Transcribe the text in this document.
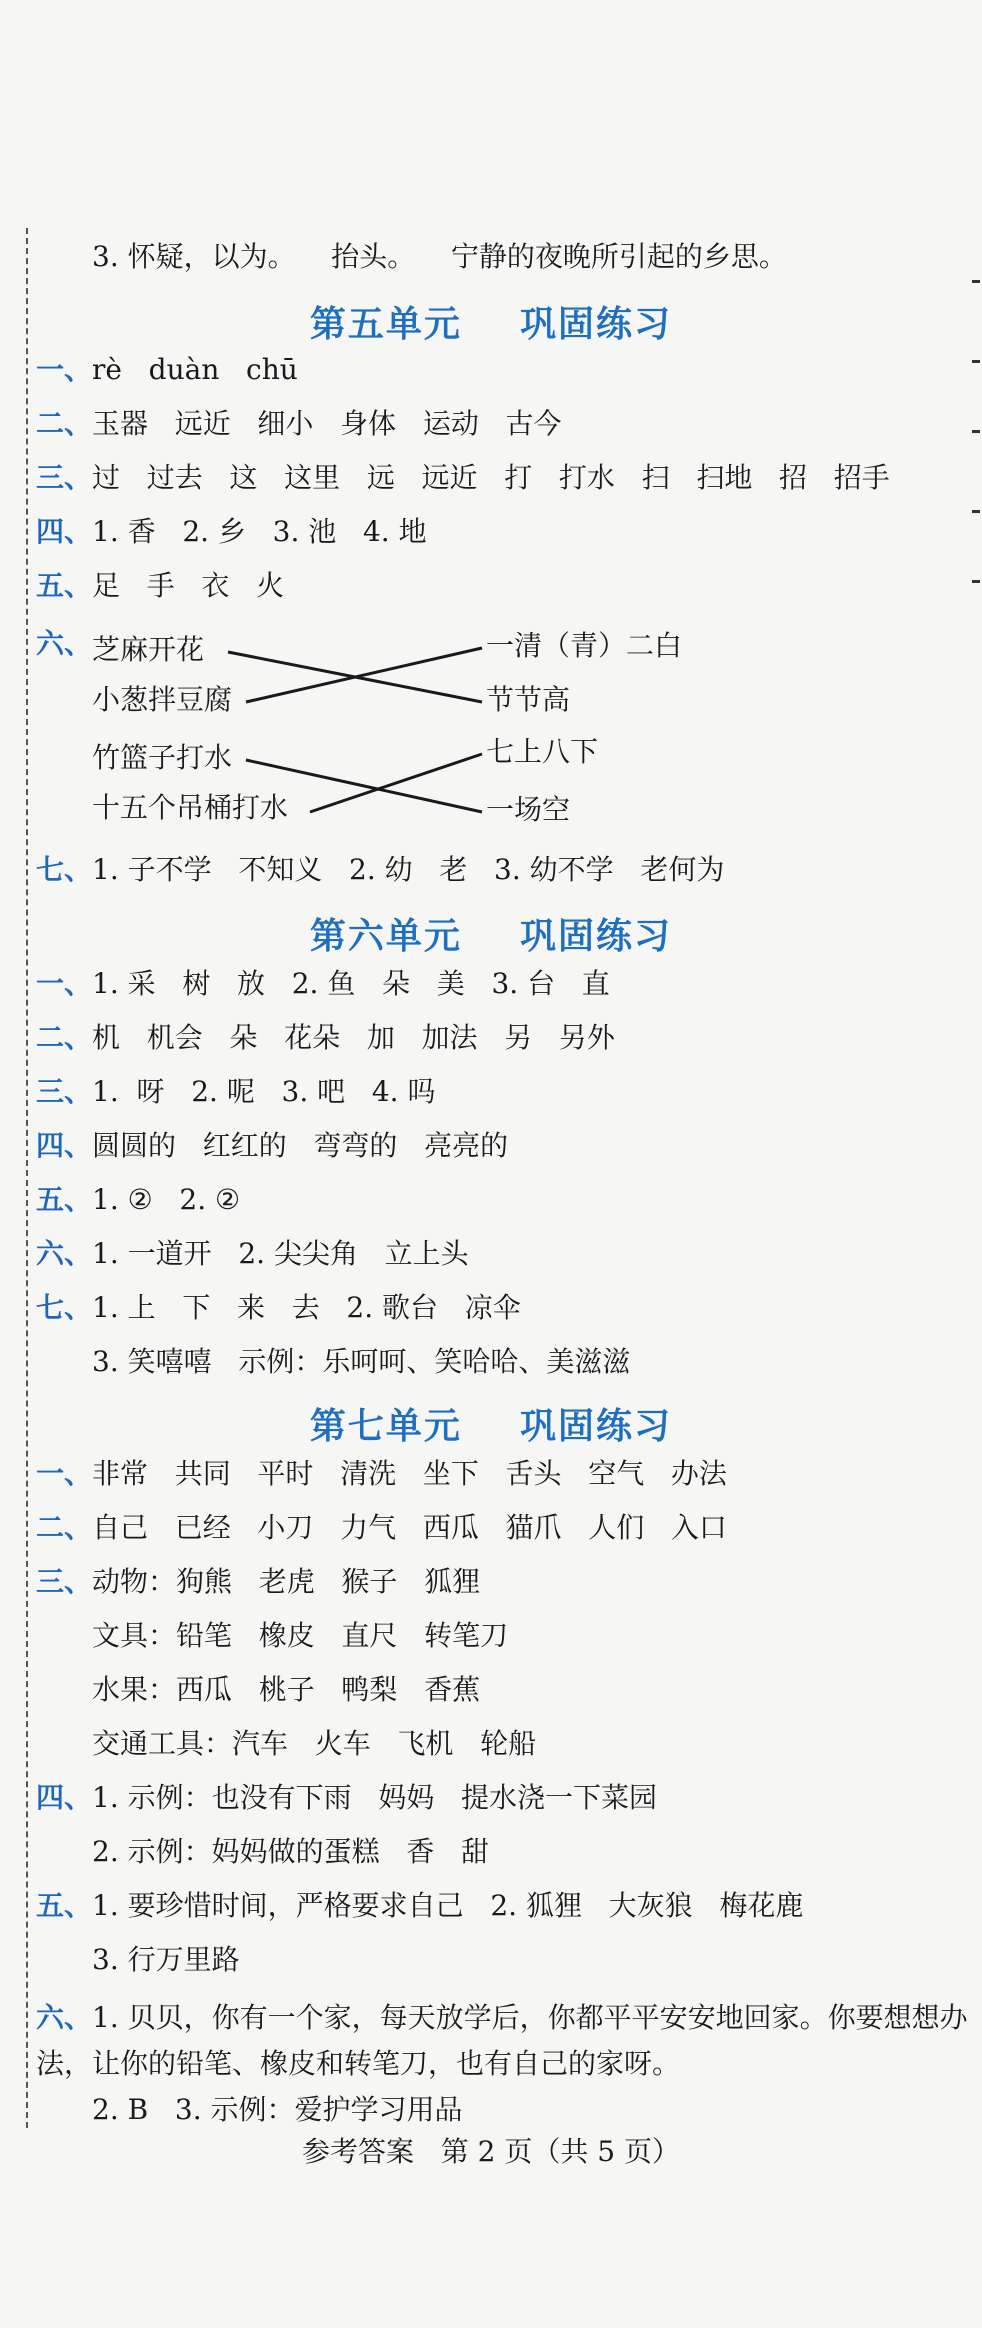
3. 怀疑，以为。    抬头。    宁静的夜晚所引起的乡思。
第五单元    巩固练习
一、rè   duàn   chū
二、玉器   远近   细小   身体   运动   古今
三、过   过去   这   这里   远   远近   打   打水   扫   扫地   招   招手
四、1. 香   2. 乡   3. 池   4. 地
五、足   手   衣   火
六、 芝麻开花
小葱拌豆腐
竹篮子打水
十五个吊桶打水
一清（青）二白
节节高
七上八下
一场空
七、1. 子不学   不知义   2. 幼   老   3. 幼不学   老何为
第六单元    巩固练习
一、1. 采   树   放   2. 鱼   朵   美   3. 台   直
二、机   机会   朵   花朵   加   加法   另   另外
三、1.  呀   2. 呢   3. 吧   4. 吗
四、圆圆的   红红的   弯弯的   亮亮的
五、1. ②   2. ②
六、1. 一道开   2. 尖尖角   立上头
七、1. 上   下   来   去   2. 歌台   凉伞
3. 笑嘻嘻   示例：乐呵呵、笑哈哈、美滋滋
第七单元    巩固练习
一、非常   共同   平时   清洗   坐下   舌头   空气   办法
二、自己   已经   小刀   力气   西瓜   猫爪   人们   入口
三、动物：狗熊   老虎   猴子   狐狸
文具：铅笔   橡皮   直尺   转笔刀
水果：西瓜   桃子   鸭梨   香蕉
交通工具：汽车   火车   飞机   轮船
四、1. 示例：也没有下雨   妈妈   提水浇一下菜园
2. 示例：妈妈做的蛋糕   香   甜
五、1. 要珍惜时间，严格要求自己   2. 狐狸   大灰狼   梅花鹿
3. 行万里路
六、1. 贝贝，你有一个家，每天放学后，你都平平安安地回家。你要想想办
法，让你的铅笔、橡皮和转笔刀，也有自己的家呀。
2. B   3. 示例：爱护学习用品
参考答案   第 2 页（共 5 页）
